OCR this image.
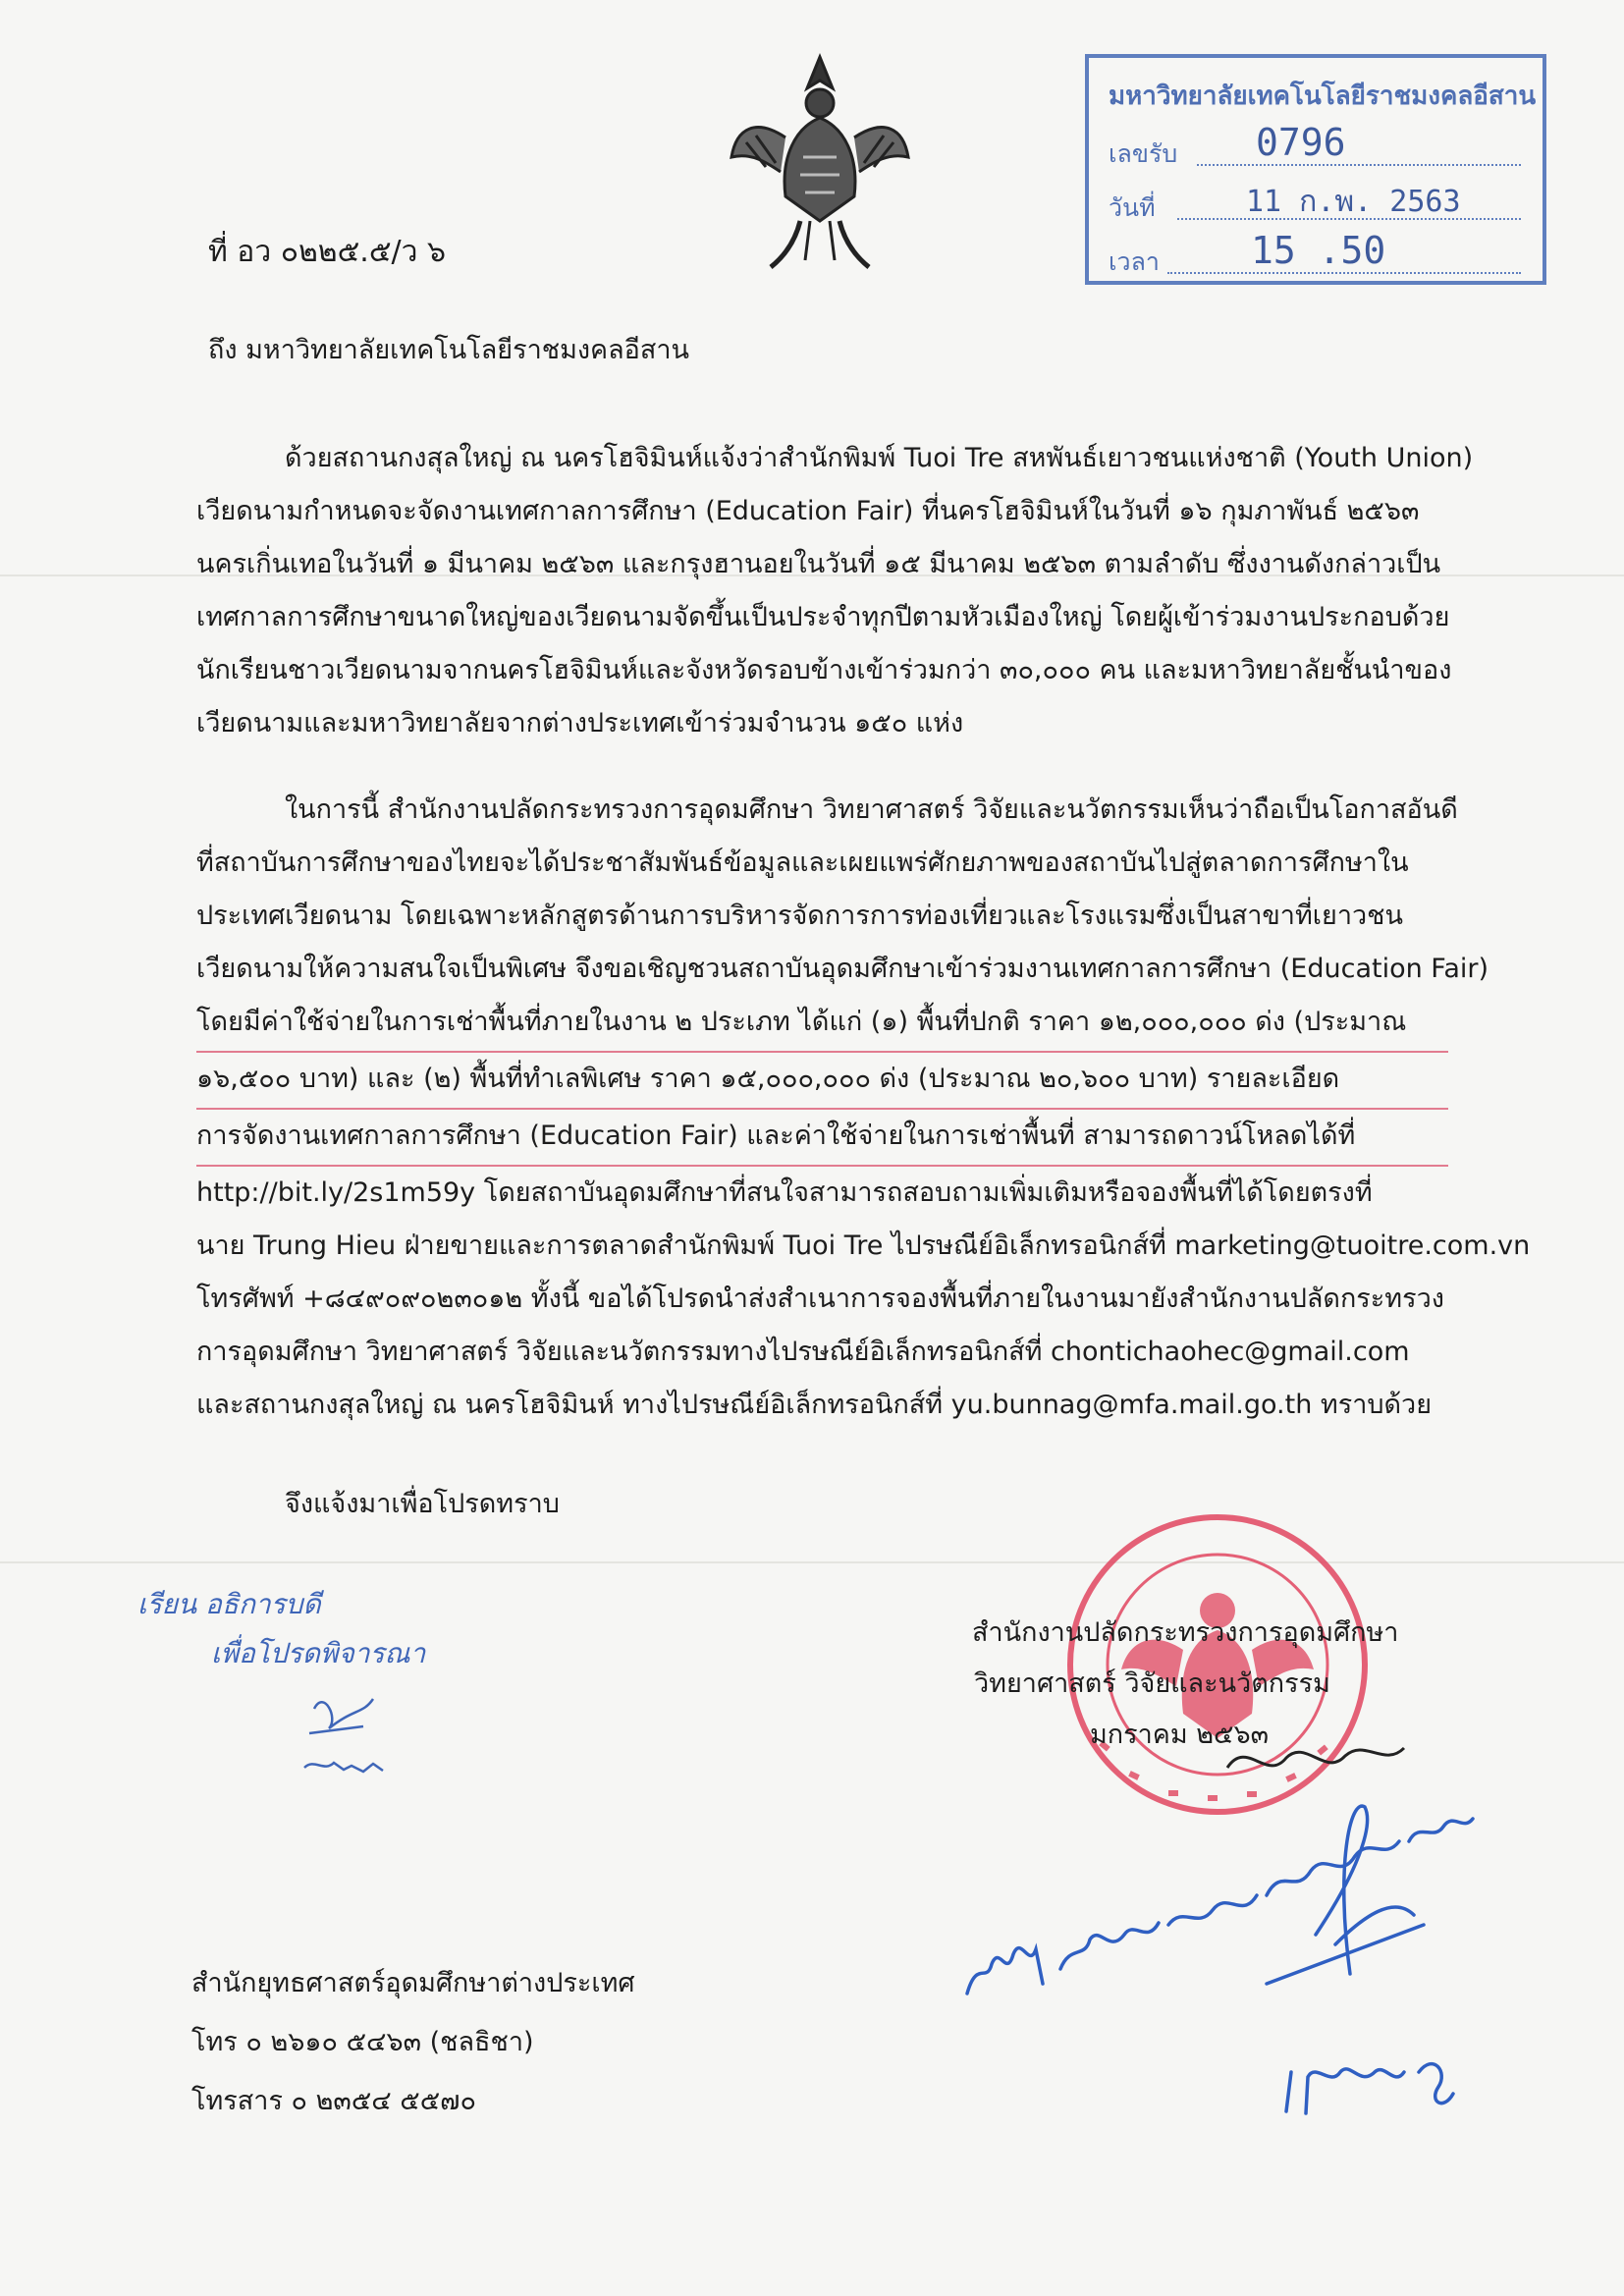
มหาวิทยาลัยเทคโนโลยีราชมงคลอีสาน
เลขรับ 0796
วันที่	11 ก.พ. 2563
เวลา 15 .50
ที่ อว ๐๒๒๕.๕/ว ๖
ถึง มหาวิทยาลัยเทคโนโลยีราชมงคลอีสาน
ด้วยสถานกงสุลใหญ่ ณ นครโฮจิมินห์แจ้งว่าสำนักพิมพ์ Tuoi Tre สหพันธ์เยาวชนแห่งชาติ (Youth Union)
เวียดนามกำหนดจะจัดงานเทศกาลการศึกษา (Education Fair) ที่นครโฮจิมินห์ในวันที่ ๑๖ กุมภาพันธ์ ๒๕๖๓
นครเกิ่นเทอในวันที่ ๑ มีนาคม ๒๕๖๓ และกรุงฮานอยในวันที่ ๑๕ มีนาคม ๒๕๖๓ ตามลำดับ ซึ่งงานดังกล่าวเป็น
เทศกาลการศึกษาขนาดใหญ่ของเวียดนามจัดขึ้นเป็นประจำทุกปีตามหัวเมืองใหญ่ โดยผู้เข้าร่วมงานประกอบด้วย
นักเรียนชาวเวียดนามจากนครโฮจิมินห์และจังหวัดรอบข้างเข้าร่วมกว่า ๓๐,๐๐๐ คน และมหาวิทยาลัยชั้นนำของ
เวียดนามและมหาวิทยาลัยจากต่างประเทศเข้าร่วมจำนวน ๑๕๐ แห่ง
ในการนี้ สำนักงานปลัดกระทรวงการอุดมศึกษา วิทยาศาสตร์ วิจัยและนวัตกรรมเห็นว่าถือเป็นโอกาสอันดี
ที่สถาบันการศึกษาของไทยจะได้ประชาสัมพันธ์ข้อมูลและเผยแพร่ศักยภาพของสถาบันไปสู่ตลาดการศึกษาใน
ประเทศเวียดนาม โดยเฉพาะหลักสูตรด้านการบริหารจัดการการท่องเที่ยวและโรงแรมซึ่งเป็นสาขาที่เยาวชน
เวียดนามให้ความสนใจเป็นพิเศษ จึงขอเชิญชวนสถาบันอุดมศึกษาเข้าร่วมงานเทศกาลการศึกษา (Education Fair)
โดยมีค่าใช้จ่ายในการเช่าพื้นที่ภายในงาน ๒ ประเภท ได้แก่ (๑) พื้นที่ปกติ ราคา ๑๒,๐๐๐,๐๐๐ ด่ง (ประมาณ
๑๖,๕๐๐ บาท) และ (๒) พื้นที่ทำเลพิเศษ ราคา ๑๕,๐๐๐,๐๐๐ ด่ง (ประมาณ ๒๐,๖๐๐ บาท) รายละเอียด
การจัดงานเทศกาลการศึกษา (Education Fair) และค่าใช้จ่ายในการเช่าพื้นที่ สามารถดาวน์โหลดได้ที่
http://bit.ly/2s1m59y โดยสถาบันอุดมศึกษาที่สนใจสามารถสอบถามเพิ่มเติมหรือจองพื้นที่ได้โดยตรงที่
นาย Trung Hieu ฝ่ายขายและการตลาดสำนักพิมพ์ Tuoi Tre ไปรษณีย์อิเล็กทรอนิกส์ที่ marketing@tuoitre.com.vn
โทรศัพท์ +๘๔๙๐๙๐๒๓๐๑๒ ทั้งนี้ ขอได้โปรดนำส่งสำเนาการจองพื้นที่ภายในงานมายังสำนักงานปลัดกระทรวง
การอุดมศึกษา วิทยาศาสตร์ วิจัยและนวัตกรรมทางไปรษณีย์อิเล็กทรอนิกส์ที่ chontichaohec@gmail.com
และสถานกงสุลใหญ่ ณ นครโฮจิมินห์ ทางไปรษณีย์อิเล็กทรอนิกส์ที่ yu.bunnag@mfa.mail.go.th ทราบด้วย
จึงแจ้งมาเพื่อโปรดทราบ
เรียน อธิการบดี
เพื่อโปรดพิจารณา
สำนักงานปลัดกระทรวงการอุดมศึกษา
วิทยาศาสตร์ วิจัยและนวัตกรรม
มกราคม ๒๕๖๓
สำนักยุทธศาสตร์อุดมศึกษาต่างประเทศ
โทร ๐ ๒๖๑๐ ๕๔๖๓ (ชลธิชา)
โทรสาร ๐ ๒๓๕๔ ๕๕๗๐
